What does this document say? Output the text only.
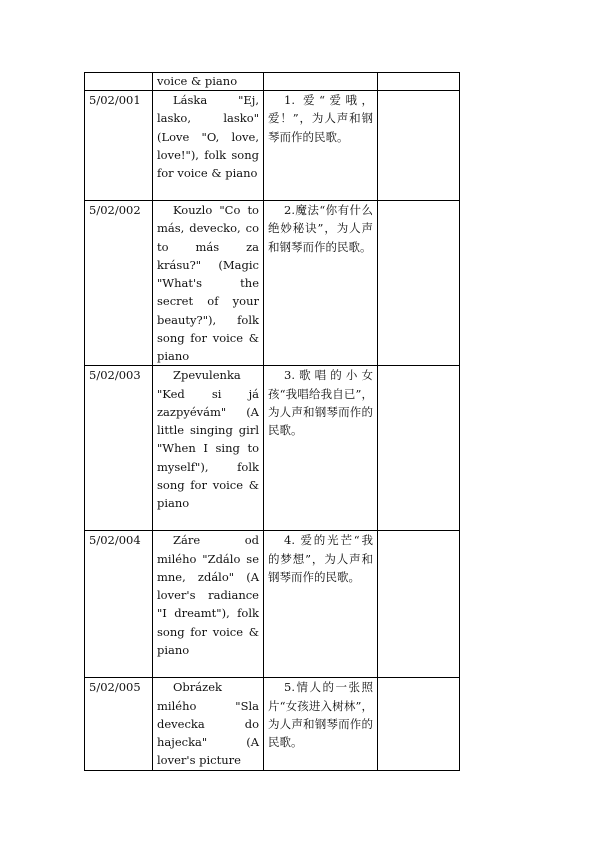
	voice & piano		
5/02/001	Láska "Ej, lasko, lasko" (Love "O, love, love!"), folk song for voice & piano	1. 爱“爱哦，爱！”，为人声和钢琴而作的民歌。	
5/02/002	Kouzlo "Co to más, devecko, co to más za krásu?" (Magic "What's the secret of your beauty?"), folk song for voice & piano	2.魔法“你有什么绝妙秘诀”，为人声和钢琴而作的民歌。	
5/02/003	Zpevulenka "Ked si já zazpyévám" (A little singing girl "When I sing to myself"), folk song for voice & piano	3.歌唱的小女孩“我唱给我自已”，为人声和钢琴而作的民歌。	
5/02/004	Záre od milého "Zdálo se mne, zdálo" (A lover's radiance "I dreamt"), folk song for voice & piano	4. 爱的光芒“我的梦想”，为人声和钢琴而作的民歌。	
5/02/005	Obrázek milého "Sla devecka do hajecka" (A lover's picture	5.情人的一张照片“女孩进入树林”，为人声和钢琴而作的民歌。	
